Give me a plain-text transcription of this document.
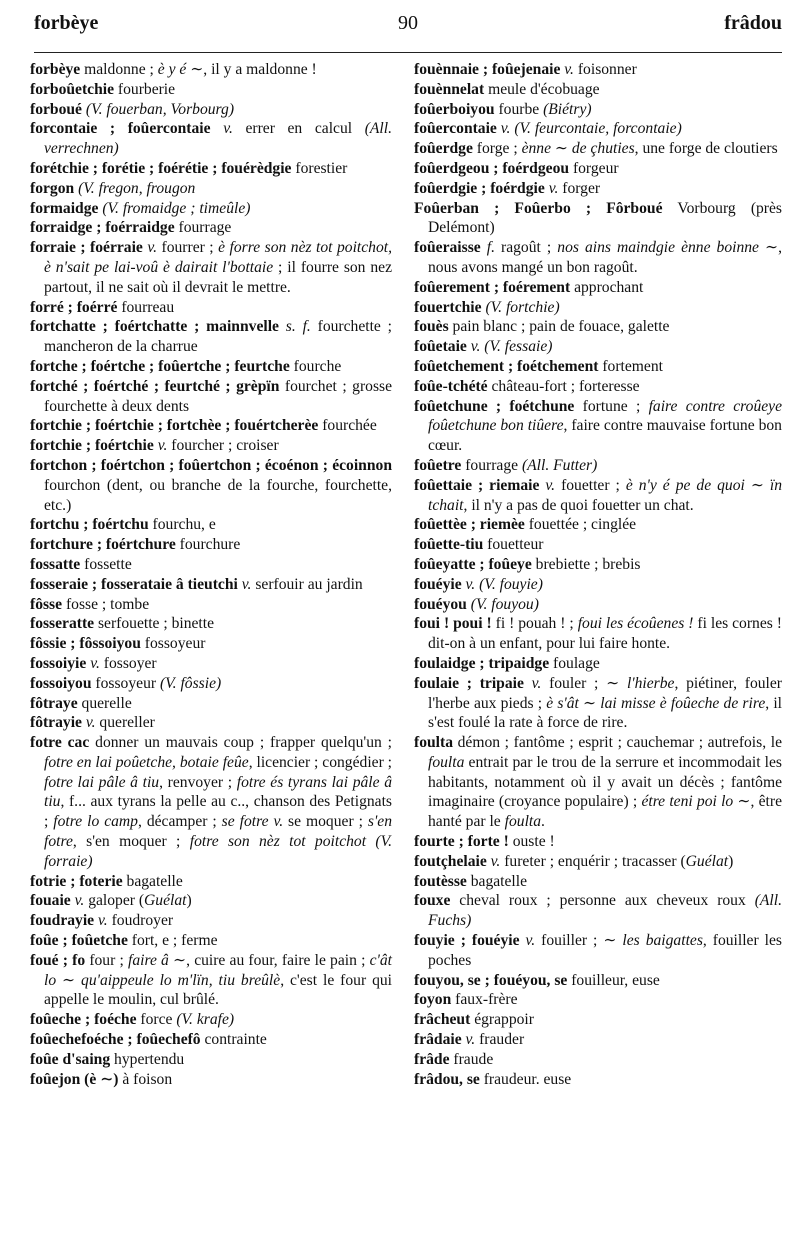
forbèye	90	frâdou

forbèye maldonne ; è y é ∼, il y a maldonne !

forboûetchie fourberie

forboué (V. fouerban, Vorbourg)

forcontaie ; foûercontaie v. errer en calcul (All. verrechnen)

forétchie ; forétie ; foérétie ; fouérèdgie forestier

forgon (V. fregon, frougon

formaidge (V. fromaidge ; timeûle)

forraidge ; foérraidge fourrage

forraie ; foérraie v. fourrer ; è forre son nèz tot poitchot, è n'sait pe lai-voû è dairait l'bottaie ; il fourre son nez partout, il ne sait où il devrait le mettre.

forré ; foérré fourreau

fortchatte ; foértchatte ; mainnvelle s. f. fourchette ; mancheron de la charrue

fortche ; foértche ; foûertche ; feurtche fourche

fortché ; foértché ; feurtché ; grèpïn fourchet ; grosse fourchette à deux dents

fortchie ; foértchie ; fortchèe ; fouértcherèe fourchée

fortchie ; foértchie v. fourcher ; croiser

fortchon ; foértchon ; foûertchon ; écoénon ; écoinnon fourchon (dent, ou branche de la fourche, fourchette, etc.)

fortchu ; foértchu fourchu, e

fortchure ; foértchure fourchure

fossatte fossette

fosseraie ; fosserataie â tieutchi v. serfouir au jardin

fôsse fosse ; tombe

fosseratte serfouette ; binette

fôssie ; fôssoiyou fossoyeur

fossoiyie v. fossoyer

fossoiyou fossoyeur (V. fôssie)

fôtraye querelle

fôtrayie v. quereller

fotre cac donner un mauvais coup ; frapper quelqu'un ; fotre en lai poûetche, botaie feûe, licencier ; congédier ; fotre lai pâle â tiu, renvoyer ; fotre és tyrans lai pâle â tiu, f... aux tyrans la pelle au c.., chanson des Petignats ; fotre lo camp, décamper ; se fotre v. se moquer ; s'en fotre, s'en moquer ; fotre son nèz tot poitchot (V. forraie)

fotrie ; foterie bagatelle

fouaie v. galoper (Guélat)

foudrayie v. foudroyer

foûe ; foûetche fort, e ; ferme

foué ; fo four ; faire â ∼, cuire au four, faire le pain ; c'ât lo ∼ qu'aippeule lo m'lïn, tiu breûlè, c'est le four qui appelle le moulin, cul brûlé.

foûeche ; foéche force (V. krafe)

foûechefoéche ; foûechefô contrainte

foûe d'saing hypertendu

foûejon (è ∼) à foison

fouènnaie ; foûejenaie v. foisonner

fouènnelat meule d'écobuage

foûerboiyou fourbe (Biétry)

foûercontaie v. (V. feurcontaie, forcontaie)

foûerdge forge ; ènne ∼ de çhuties, une forge de cloutiers

foûerdgeou ; foérdgeou forgeur

foûerdgie ; foérdgie v. forger

Foûerban ; Foûerbo ; Fôrboué Vorbourg (près Delémont)

foûeraisse f. ragoût ; nos ains maindgie ènne boinne ∼, nous avons mangé un bon ragoût.

foûerement ; foérement approchant

fouertchie (V. fortchie)

fouès pain blanc ; pain de fouace, galette

foûetaie v. (V. fessaie)

foûetchement ; foétchement fortement

foûe-tchété château-fort ; forteresse

foûetchune ; foétchune fortune ; faire contre croûeye foûetchune bon tiûere, faire contre mauvaise fortune bon cœur.

foûetre fourrage (All. Futter)

foûettaie ; riemaie v. fouetter ; è n'y é pe de quoi ∼ ïn tchait, il n'y a pas de quoi fouetter un chat.

foûettèe ; riemèe fouettée ; cinglée

foûette-tiu fouetteur

foûeyatte ; foûeye brebiette ; brebis

fouéyie v. (V. fouyie)

fouéyou (V. fouyou)

foui ! poui ! fi ! pouah ! ; foui les écoûenes ! fi les cornes ! dit-on à un enfant, pour lui faire honte.

foulaidge ; tripaidge foulage

foulaie ; tripaie v. fouler ; ∼ l'hierbe, piétiner, fouler l'herbe aux pieds ; è s'ât ∼ lai misse è foûeche de rire, il s'est foulé la rate à force de rire.

foulta démon ; fantôme ; esprit ; cauchemar ; autrefois, le foulta entrait par le trou de la serrure et incommodait les habitants, notamment où il y avait un décès ; fantôme imaginaire (croyance populaire) ; étre teni poi lo ∼, être hanté par le foulta.

fourte ; forte ! ouste !

foutçhelaie v. fureter ; enquérir ; tracasser (Guélat)

foutèsse bagatelle

fouxe cheval roux ; personne aux cheveux roux (All. Fuchs)

fouyie ; fouéyie v. fouiller ; ∼ les baigattes, fouiller les poches

fouyou, se ; fouéyou, se fouilleur, euse

foyon faux-frère

frâcheut égrappoir

frâdaie v. frauder

frâde fraude

frâdou, se fraudeur. euse
